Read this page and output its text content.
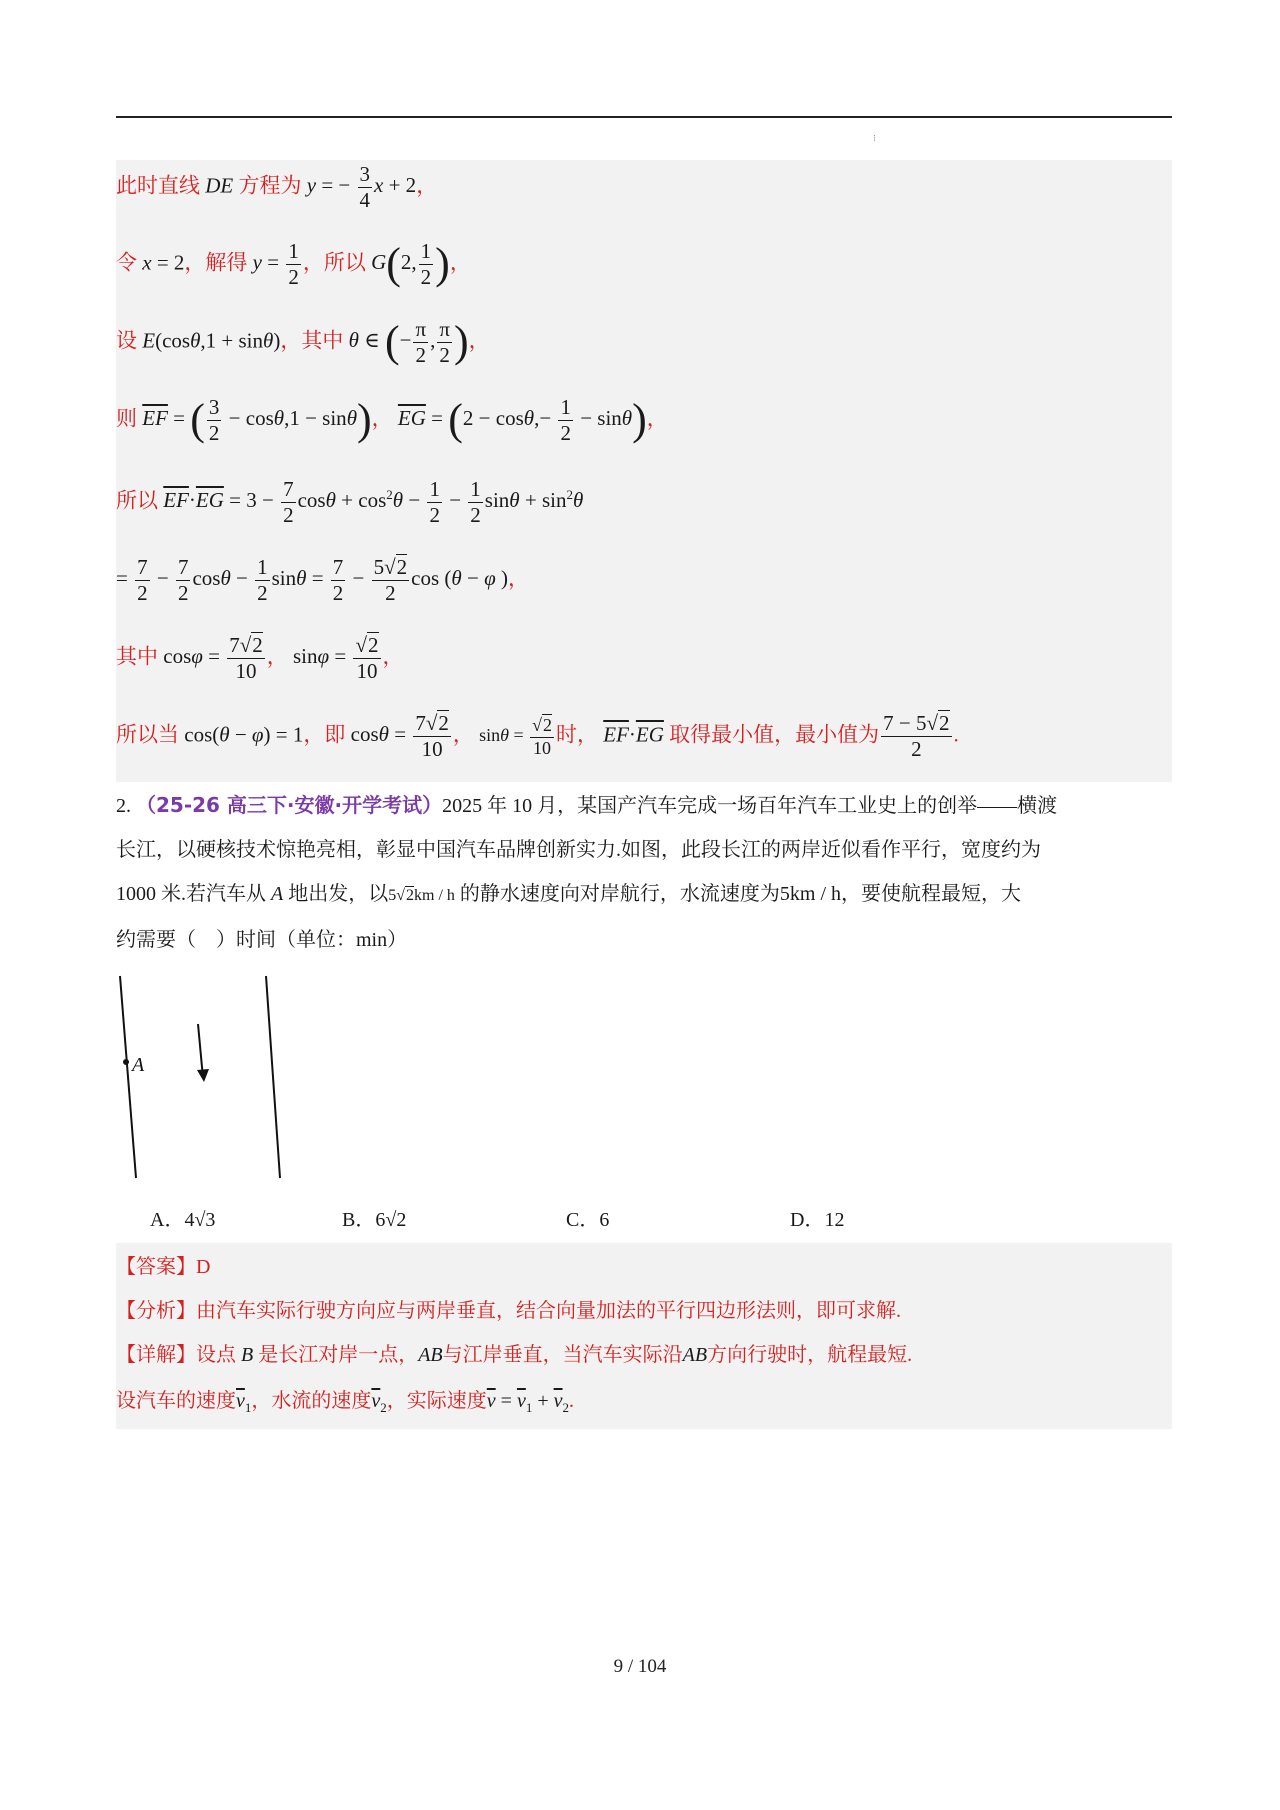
⁝
此时直线 DE 方程为 y = − $\frac{3}{4}$ x + 2，
令 x = 2，解得 $y = \frac{1}{2}$ ，所以 G(2, $\frac{1}{2}$ )，
设 E(cosθ,1 + sinθ)，其中 θ ∈ (− $\frac{\pi}{2}$ , $\frac{\pi}{2}$ )，
则 $\overline{EF}$ = ( $\frac{3}{2} - \cos\theta,1 - \sin\theta$)， $\overline{EG} = (2 - \cos\theta,- \frac{1}{2} - \sin\theta)$，
所以 $\overline{EF}\cdot\overline{EG} = 3 - \frac{7}{2}$ $\cos\theta + \cos^2\theta - \frac{1}{2} - \frac{1}{2}$ $\sin\theta + \sin^2\theta$
= $\frac{7}{2} - \frac{7}{2}$ $\cos\theta - \frac{1}{2}$ $\sin\theta = \frac{7}{2} - \frac{5√2}{2}$ cos (θ − φ )，
其中 $\cos\varphi = \frac{7√2}{10}$ ， $\sin\varphi = \frac{√2}{10}$ ，
所以当 cos(θ − φ) = 1，即 $\cos\theta = \frac{7√2}{10}$ ， $\sin\theta = \frac{√2}{10}$ 时， $\overline{EF}\cdot\overline{EG}$ 取得最小值，最小值为 $\frac{7 - 5√2}{2}$ .
2. （25-26 高三下·安徽·开学考试）2025 年 10 月，某国产汽车完成一场百年汽车工业史上的创举——横渡
长江，以硬核技术惊艳亮相，彰显中国汽车品牌创新实力.如图，此段长江的两岸近似看作平行，宽度约为
1000 米.若汽车从 A 地出发，以5√2km / h 的静水速度向对岸航行，水流速度为5km / h，要使航程最短，大
约需要（　）时间（单位：min）
A
A．4√3	B．6√2	C．6	D．12
【答案】D
【分析】由汽车实际行驶方向应与两岸垂直，结合向量加法的平行四边形法则，即可求解.
【详解】设点 B 是长江对岸一点，AB与江岸垂直，当汽车实际沿AB方向行驶时，航程最短.
设汽车的速度$\overline{v}_1$，水流的速度$\overline{v}_2$，实际速度$\overline{v} = \overline{v}_1 + \overline{v}_2$.
9 / 104
